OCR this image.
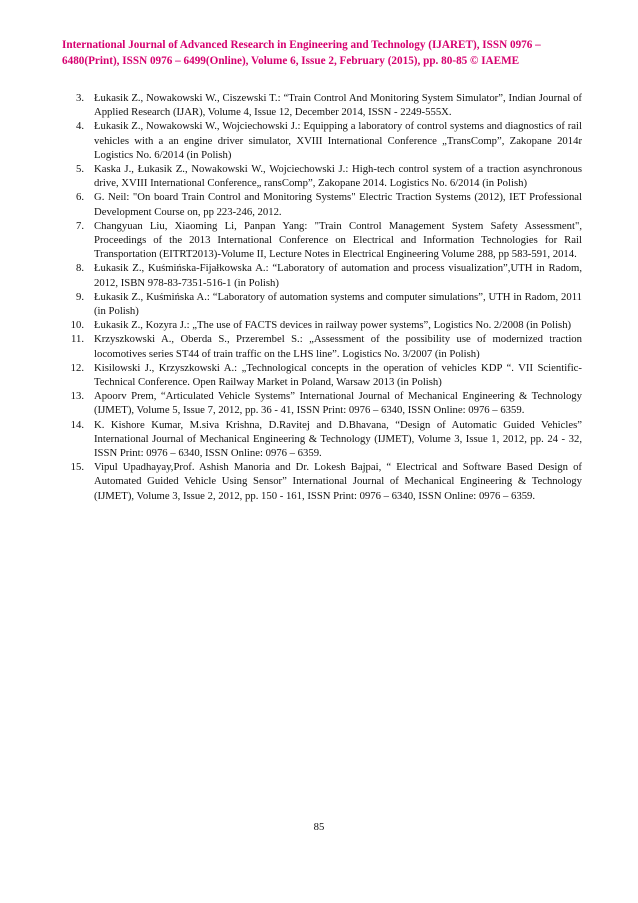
International Journal of Advanced Research in Engineering and Technology (IJARET), ISSN 0976 –
6480(Print), ISSN 0976 – 6499(Online), Volume 6, Issue 2, February (2015), pp. 80-85 © IAEME
3. Łukasik Z., Nowakowski W., Ciszewski T.: “Train Control And Monitoring System Simulator”, Indian Journal of Applied Research (IJAR), Volume 4, Issue 12, December 2014, ISSN - 2249-555X.
4. Łukasik Z., Nowakowski W., Wojciechowski J.: Equipping a laboratory of control systems and diagnostics of rail vehicles with a an engine driver simulator, XVIII International Conference „TransComp”, Zakopane 2014r Logistics No. 6/2014 (in Polish)
5. Kaska J., Łukasik Z., Nowakowski W., Wojciechowski J.: High-tech control system of a traction asynchronous drive, XVIII International Conference„ ransComp”, Zakopane 2014. Logistics No. 6/2014 (in Polish)
6. G. Neil: "On board Train Control and Monitoring Systems" Electric Traction Systems (2012), IET Professional Development Course on, pp 223-246, 2012.
7. Changyuan Liu, Xiaoming Li, Panpan Yang: "Train Control Management System Safety Assessment", Proceedings of the 2013 International Conference on Electrical and Information Technologies for Rail Transportation (EITRT2013)-Volume II, Lecture Notes in Electrical Engineering Volume 288, pp 583-591, 2014.
8. Łukasik Z., Kuśmińska-Fijałkowska A.: “Laboratory of automation and process visualization”,UTH in Radom, 2012, ISBN 978-83-7351-516-1 (in Polish)
9. Łukasik Z., Kuśmińska A.: “Laboratory of automation systems and computer simulations”, UTH in Radom, 2011 (in Polish)
10. Łukasik Z., Kozyra J.: „The use of FACTS devices in railway power systems”, Logistics No. 2/2008 (in Polish)
11. Krzyszkowski A., Oberda S., Przerembel S.: „Assessment of the possibility use of modernized traction locomotives series ST44 of train traffic on the LHS line”. Logistics No. 3/2007 (in Polish)
12. Kisilowski J., Krzyszkowski A.: „Technological concepts in the operation of vehicles KDP “. VII Scientific-Technical Conference. Open Railway Market in Poland, Warsaw 2013 (in Polish)
13. Apoorv Prem, “Articulated Vehicle Systems” International Journal of Mechanical Engineering & Technology (IJMET), Volume 5, Issue 7, 2012, pp. 36 - 41, ISSN Print: 0976 – 6340, ISSN Online: 0976 – 6359.
14. K. Kishore Kumar, M.siva Krishna, D.Ravitej and D.Bhavana, “Design of Automatic Guided Vehicles” International Journal of Mechanical Engineering & Technology (IJMET), Volume 3, Issue 1, 2012, pp. 24 - 32, ISSN Print: 0976 – 6340, ISSN Online: 0976 – 6359.
15. Vipul Upadhayay,Prof. Ashish Manoria and Dr. Lokesh Bajpai, “ Electrical and Software Based Design of Automated Guided Vehicle Using Sensor” International Journal of Mechanical Engineering & Technology (IJMET), Volume 3, Issue 2, 2012, pp. 150 - 161, ISSN Print: 0976 – 6340, ISSN Online: 0976 – 6359.
85
